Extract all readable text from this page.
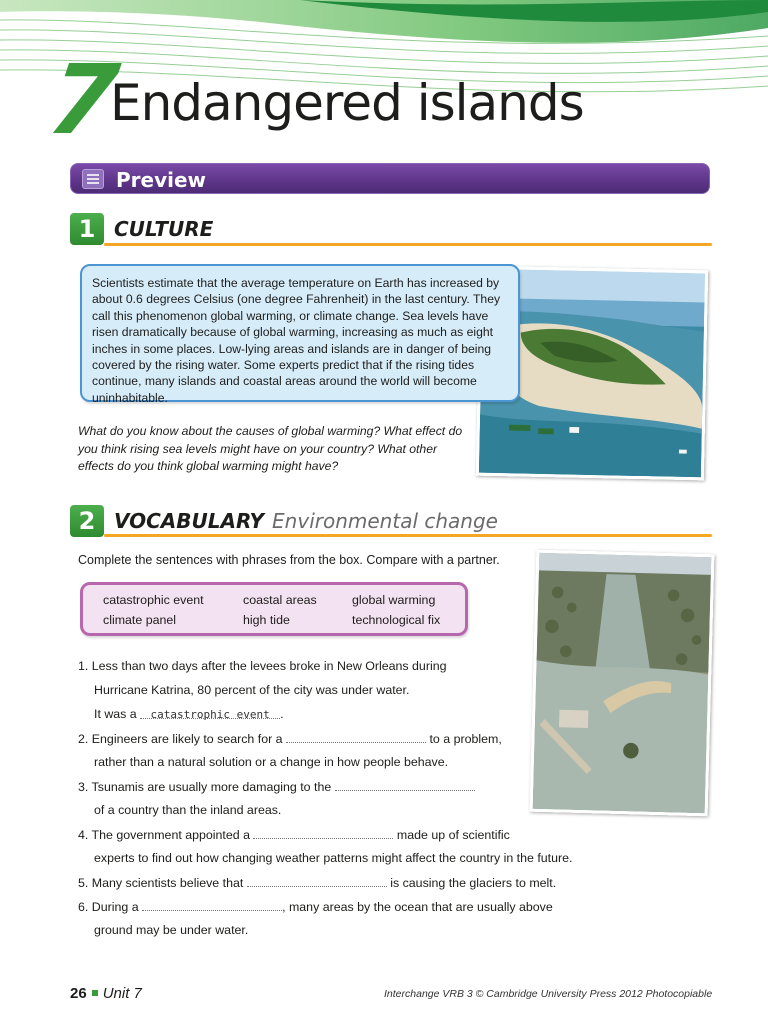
7
Endangered islands
Preview
1 CULTURE
Scientists estimate that the average temperature on Earth has increased by about 0.6 degrees Celsius (one degree Fahrenheit) in the last century. They call this phenomenon global warming, or climate change. Sea levels have risen dramatically because of global warming, increasing as much as eight inches in some places. Low-lying areas and islands are in danger of being covered by the rising water. Some experts predict that if the rising tides continue, many islands and coastal areas around the world will become uninhabitable.
What do you know about the causes of global warming? What effect do
you think rising sea levels might have on your country? What other
effects do you think global warming might have?
2 VOCABULARY Environmental change
Complete the sentences with phrases from the box. Compare with a partner.
catastrophic event	coastal areas	global warming
climate panel	high tide	technological fix
1. Less than two days after the levees broke in New Orleans during
Hurricane Katrina, 80 percent of the city was under water.
It was a catastrophic event .
2. Engineers are likely to search for a	to a problem,
rather than a natural solution or a change in how people behave.
3. Tsunamis are usually more damaging to the
of a country than the inland areas.
4. The government appointed a	made up of scientific
experts to find out how changing weather patterns might affect the country in the future.
5. Many scientists believe that	is causing the glaciers to melt.
6. During a	, many areas by the ocean that are usually above
ground may be under water.
26 Unit 7	Interchange VRB 3 © Cambridge University Press 2012 Photocopiable
